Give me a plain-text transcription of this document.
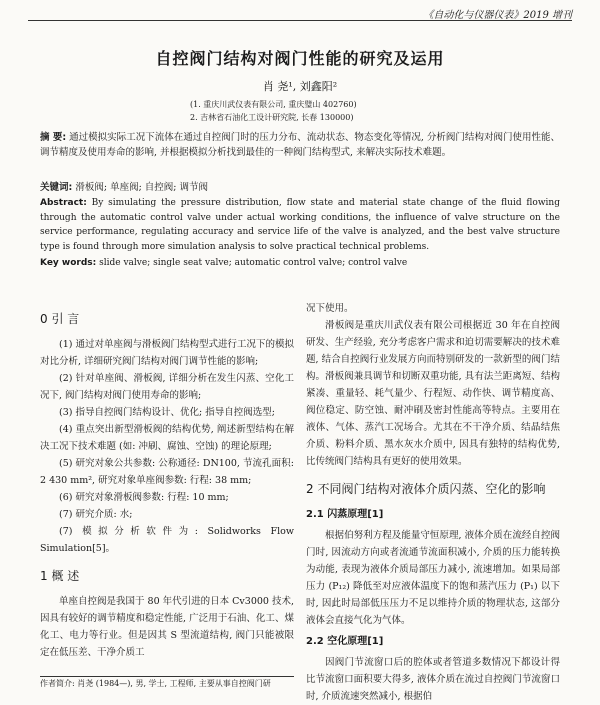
《自动化与仪器仪表》2019 增刊
自控阀门结构对阀门性能的研究及运用
肖 尧¹, 刘鑫阳²
(1. 重庆川武仪表有限公司, 重庆璧山 402760)
2. 吉林省石油化工设计研究院, 长春 130000)
摘 要: 通过模拟实际工况下流体在通过自控阀门时的压力分布、流动状态、物态变化等情况, 分析阀门结构对阀门使用性能、调节精度及使用寿命的影响, 并根据模拟分析找到最佳的一种阀门结构型式, 来解决实际技术难题。
关键词: 滑板阀; 单座阀; 自控阀; 调节阀
Abstract: By simulating the pressure distribution, flow state and material state change of the fluid flowing through the automatic control valve under actual working conditions, the influence of valve structure on the service performance, regulating accuracy and service life of the valve is analyzed, and the best valve structure type is found through more simulation analysis to solve practical technical problems.
Key words: slide valve; single seat valve; automatic control valve; control valve
0 引 言

(1) 通过对单座阀与滑板阀门结构型式进行工况下的模拟对比分析, 详细研究阀门结构对阀门调节性能的影响;

(2) 针对单座阀、滑板阀, 详细分析在发生闪蒸、空化工况下, 阀门结构对阀门使用寿命的影响;

(3) 指导自控阀门结构设计、优化; 指导自控阀选型;

(4) 重点突出新型滑板阀的结构优势, 阐述新型结构在解决工况下技术难题 (如: 冲刷、腐蚀、空蚀) 的理论原理;

(5) 研究对象公共参数: 公称通径: DN100, 节流孔面积: 2 430 mm², 研究对象单座阀参数: 行程: 38 mm;

(6) 研究对象滑板阀参数: 行程: 10 mm;

(7) 研究介质: 水;

(7) 模拟分析软件为: Solidworks Flow Simulation[5]。

1 概 述

单座自控阀是我国于 80 年代引进的日本 Cv3000 技术, 因具有较好的调节精度和稳定性能, 广泛用于石油、化工、煤化工、电力等行业。但是因其 S 型流道结构, 阀门只能被限定在低压差、干净介质工

况下使用。

滑板阀是重庆川武仪表有限公司根据近 30 年在自控阀研发、生产经验, 充分考虑客户需求和迫切需要解决的技术难题, 结合自控阀行业发展方向而特别研发的一款新型的阀门结构。滑板阀兼具调节和切断双重功能, 具有法兰距离短、结构紧凑、重量轻、耗气量少、行程短、动作快、调节精度高、阀位稳定、防空蚀、耐冲刷及密封性能高等特点。主要用在液体、气体、蒸汽工况场合。尤其在不干净介质、结晶结焦介质、粉料介质、黑水灰水介质中, 因具有独特的结构优势, 比传统阀门结构具有更好的使用效果。

2 不同阀门结构对液体介质闪蒸、空化的影响
2.1 闪蒸原理[1]

根据伯努利方程及能量守恒原理, 液体介质在流经自控阀门时, 因流动方向或者流通节流面积减小, 介质的压力能转换为动能, 表现为液体介质局部压力减小, 流速增加。如果局部压力 (P₁₂) 降低至对应液体温度下的饱和蒸汽压力 (P₁) 以下时, 因此时局部低压压力不足以维持介质的物理状态, 这部分液体会直接气化为气体。

2.2 空化原理[1]

因阀门节流窗口后的腔体或者管道多数情况下都设计得比节流窗口面积要大得多, 液体介质在流过自控阀门节流窗口时, 介质流速突然减小, 根据伯

作者简介: 肖尧 (1984—), 男, 学士, 工程师, 主要从事自控阀门研
